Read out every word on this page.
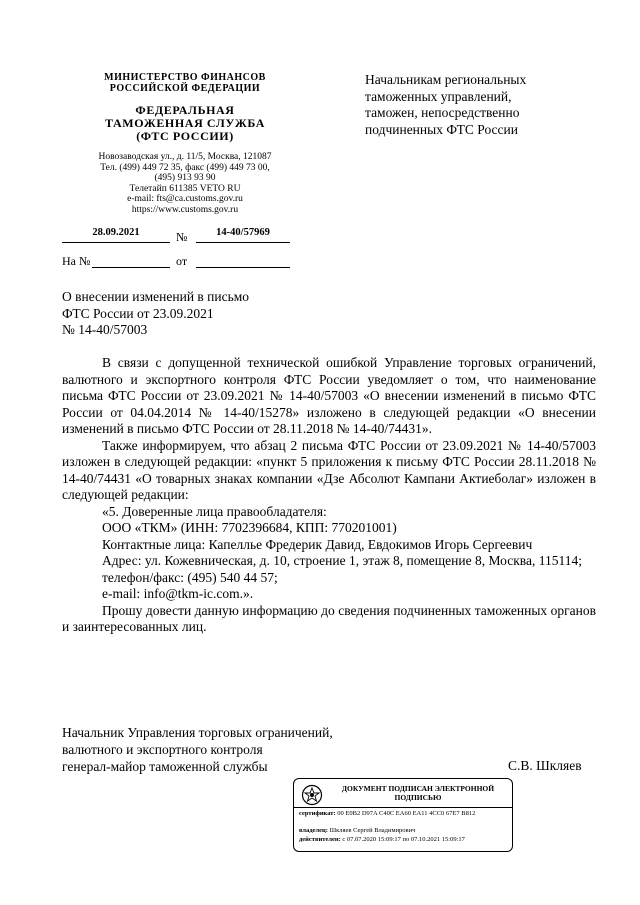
МИНИСТЕРСТВО ФИНАНСОВ
РОССИЙСКОЙ ФЕДЕРАЦИИ
ФЕДЕРАЛЬНАЯ
ТАМОЖЕННАЯ СЛУЖБА
(ФТС РОССИИ)
Новозаводская ул., д. 11/5, Москва, 121087
Тел. (499) 449 72 35, факс (499) 449 73 00,
(495) 913 93 90
Телетайп 611385 VETO RU
e-mail: fts@ca.customs.gov.ru
https://www.customs.gov.ru
28.09.2021	№	14-40/57969
На №	от
Начальникам региональных
таможенных управлений,
таможен, непосредственно
подчиненных ФТС России
О внесении изменений в письмо
ФТС России от 23.09.2021
№ 14-40/57003
В связи с допущенной технической ошибкой Управление торговых ограничений, валютного и экспортного контроля ФТС России уведомляет о том, что наименование письма ФТС России от 23.09.2021 № 14-40/57003 «О внесении изменений в письмо ФТС России от 04.04.2014 № 14-40/15278» изложено в следующей редакции «О внесении изменений в письмо ФТС России от 28.11.2018 № 14-40/74431».
Также информируем, что абзац 2 письма ФТС России от 23.09.2021 № 14-40/57003 изложен в следующей редакции: «пункт 5 приложения к письму ФТС России 28.11.2018 № 14-40/74431 «О товарных знаках компании «Дзе Абсолют Кампани Актиеболаг» изложен в следующей редакции:
«5. Доверенные лица правообладателя:
ООО «ТКМ» (ИНН: 7702396684, КПП: 770201001)
Контактные лица: Капеллье Фредерик Давид, Евдокимов Игорь Сергеевич
Адрес: ул. Кожевническая, д. 10, строение 1, этаж 8, помещение 8, Москва, 115114;
телефон/факс: (495) 540 44 57;
e-mail: info@tkm-ic.com.».
Прошу довести данную информацию до сведения подчиненных таможенных органов и заинтересованных лиц.
Начальник Управления торговых ограничений,
валютного и экспортного контроля
генерал-майор таможенной службы	С.В. Шкляев
ДОКУМЕНТ ПОДПИСАН ЭЛЕКТРОННОЙ
ПОДПИСЬЮ
сертификат: 00 E0B2 D97A C40C EA60 EA11 4CC0 67E7 B812
владелец: Шкляев Сергей Владимирович
действителен: с 07.07.2020 15:09:17 по 07.10.2021 15:09:17
